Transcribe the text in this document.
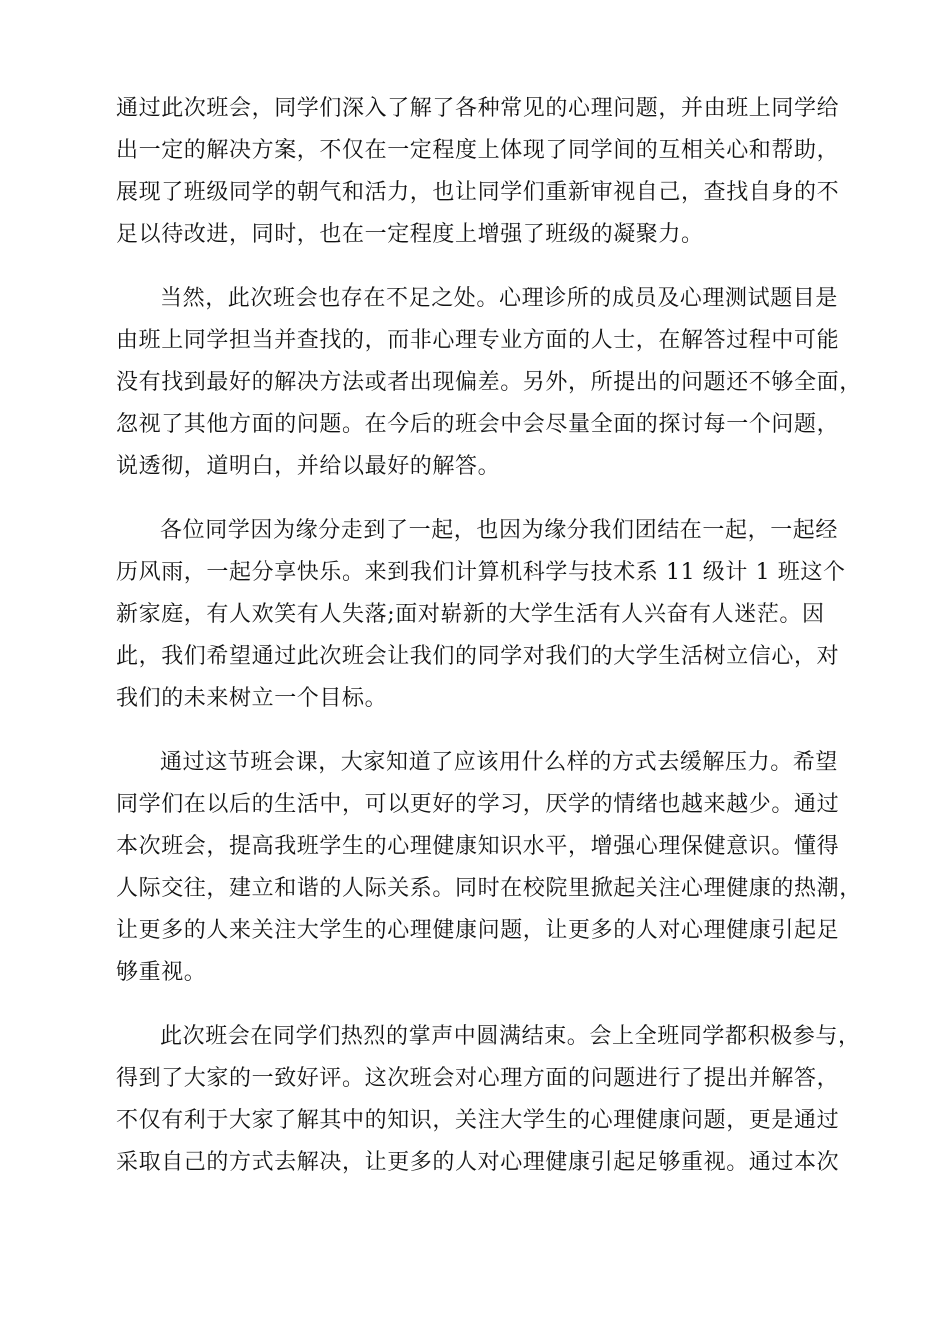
通过此次班会，同学们深入了解了各种常见的心理问题，并由班上同学给
出一定的解决方案，不仅在一定程度上体现了同学间的互相关心和帮助，
展现了班级同学的朝气和活力，也让同学们重新审视自己，查找自身的不
足以待改进，同时，也在一定程度上增强了班级的凝聚力。
当然，此次班会也存在不足之处。心理诊所的成员及心理测试题目是
由班上同学担当并查找的，而非心理专业方面的人士，在解答过程中可能
没有找到最好的解决方法或者出现偏差。另外，所提出的问题还不够全面，
忽视了其他方面的问题。在今后的班会中会尽量全面的探讨每一个问题，
说透彻，道明白，并给以最好的解答。
各位同学因为缘分走到了一起，也因为缘分我们团结在一起，一起经
历风雨，一起分享快乐。来到我们计算机科学与技术系 11 级计 1 班这个
新家庭，有人欢笑有人失落;面对崭新的大学生活有人兴奋有人迷茫。因
此，我们希望通过此次班会让我们的同学对我们的大学生活树立信心，对
我们的未来树立一个目标。
通过这节班会课，大家知道了应该用什么样的方式去缓解压力。希望
同学们在以后的生活中，可以更好的学习，厌学的情绪也越来越少。通过
本次班会，提高我班学生的心理健康知识水平，增强心理保健意识。懂得
人际交往，建立和谐的人际关系。同时在校院里掀起关注心理健康的热潮，
让更多的人来关注大学生的心理健康问题，让更多的人对心理健康引起足
够重视。
此次班会在同学们热烈的掌声中圆满结束。会上全班同学都积极参与，
得到了大家的一致好评。这次班会对心理方面的问题进行了提出并解答，
不仅有利于大家了解其中的知识，关注大学生的心理健康问题，更是通过
采取自己的方式去解决，让更多的人对心理健康引起足够重视。通过本次
